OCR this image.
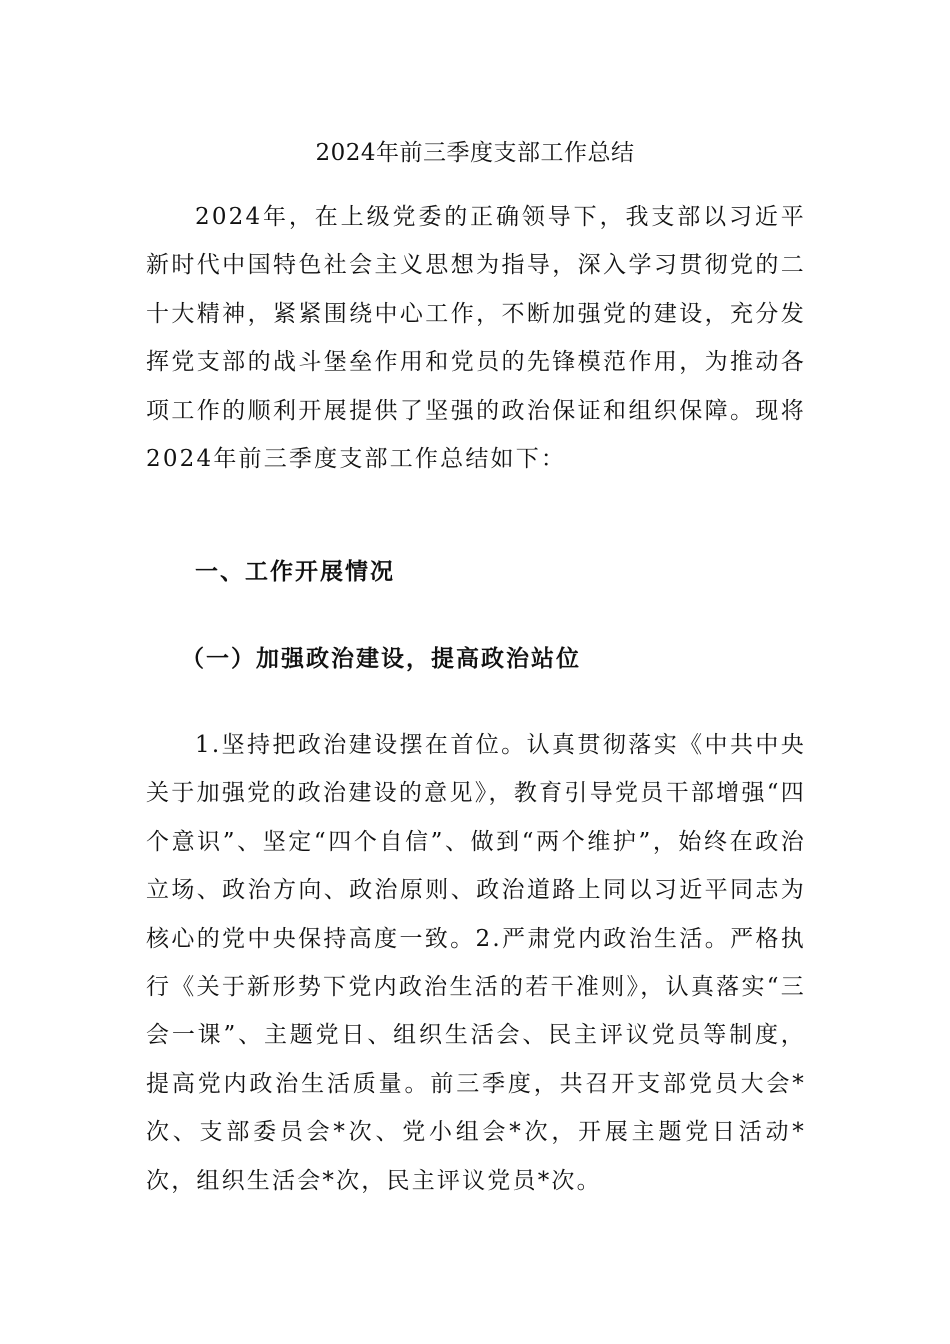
2024年前三季度支部工作总结

2024年，在上级党委的正确领导下，我支部以习近平新时代中国特色社会主义思想为指导，深入学习贯彻党的二十大精神，紧紧围绕中心工作，不断加强党的建设，充分发挥党支部的战斗堡垒作用和党员的先锋模范作用，为推动各项工作的顺利开展提供了坚强的政治保证和组织保障。现将2024年前三季度支部工作总结如下：

一、工作开展情况

（一）加强政治建设，提高政治站位

1.坚持把政治建设摆在首位。认真贯彻落实《中共中央关于加强党的政治建设的意见》，教育引导党员干部增强“四个意识”、坚定“四个自信”、做到“两个维护”，始终在政治立场、政治方向、政治原则、政治道路上同以习近平同志为核心的党中央保持高度一致。2.严肃党内政治生活。严格执行《关于新形势下党内政治生活的若干准则》，认真落实“三会一课”、主题党日、组织生活会、民主评议党员等制度，提高党内政治生活质量。前三季度，共召开支部党员大会*次、支部委员会*次、党小组会*次，开展主题党日活动*次，组织生活会*次，民主评议党员*次。
